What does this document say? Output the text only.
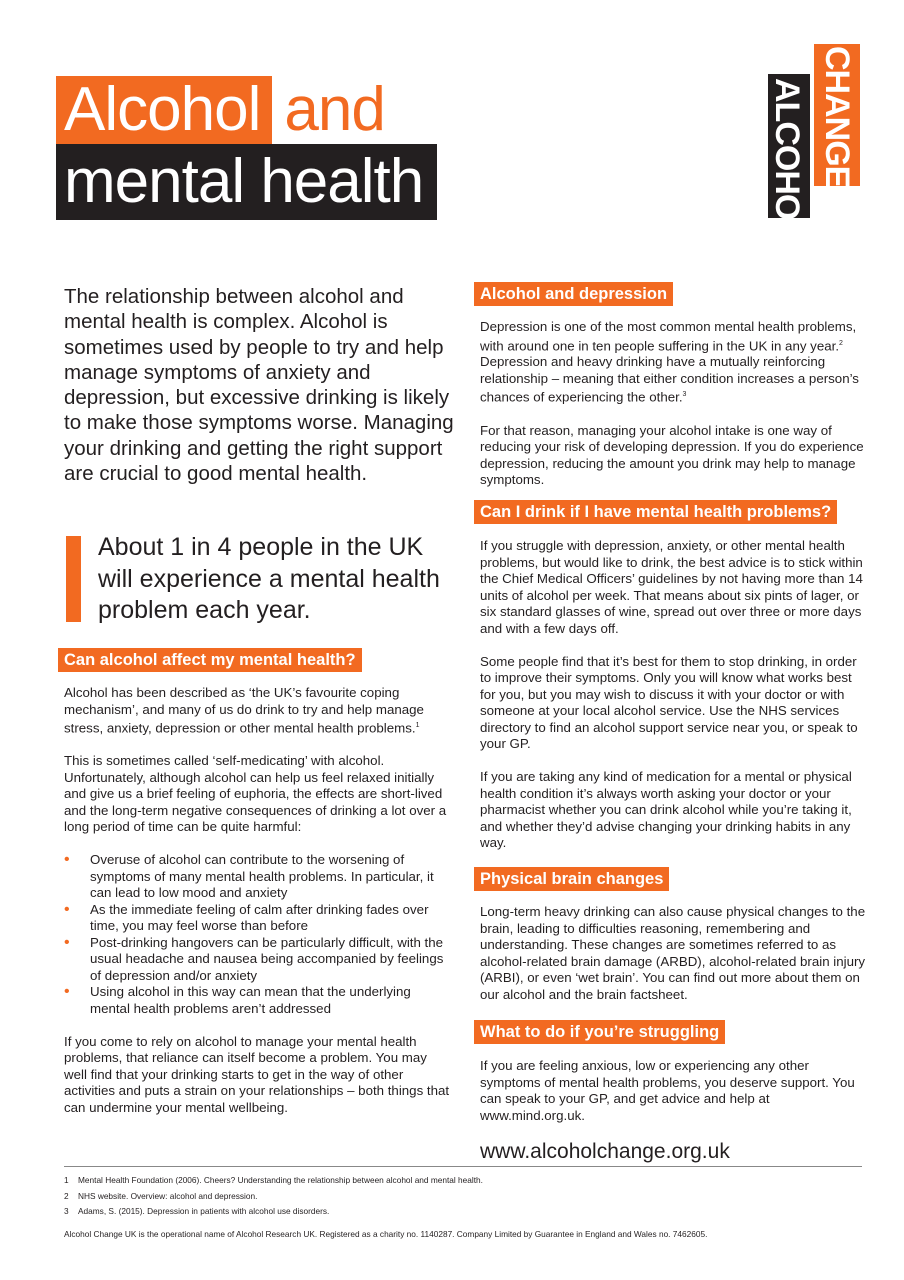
Alcohol and
mental health	ALCOHOL $CHANGE^{UK}$

The relationship between alcohol and mental health is complex. Alcohol is sometimes used by people to try and help manage symptoms of anxiety and depression, but excessive drinking is likely to make those symptoms worse. Managing your drinking and getting the right support are crucial to good mental health.

About 1 in 4 people in the UK will experience a mental health problem each year.

Can alcohol affect my mental health?

Alcohol has been described as ‘the UK’s favourite coping mechanism’, and many of us do drink to try and help manage stress, anxiety, depression or other mental health problems.$^1$

This is sometimes called ‘self-medicating’ with alcohol. Unfortunately, although alcohol can help us feel relaxed initially and give us a brief feeling of euphoria, the effects are short-lived and the long-term negative consequences of drinking a lot over a long period of time can be quite harmful:

• Overuse of alcohol can contribute to the worsening of symptoms of many mental health problems. In particular, it can lead to low mood and anxiety
• As the immediate feeling of calm after drinking fades over time, you may feel worse than before
• Post-drinking hangovers can be particularly difficult, with the usual headache and nausea being accompanied by feelings of depression and/or anxiety
• Using alcohol in this way can mean that the underlying mental health problems aren’t addressed

If you come to rely on alcohol to manage your mental health problems, that reliance can itself become a problem. You may well find that your drinking starts to get in the way of other activities and puts a strain on your relationships – both things that can undermine your mental wellbeing.

Alcohol and depression

Depression is one of the most common mental health problems, with around one in ten people suffering in the UK in any year.$^2$ Depression and heavy drinking have a mutually reinforcing relationship – meaning that either condition increases a person’s chances of experiencing the other.$^3$

For that reason, managing your alcohol intake is one way of reducing your risk of developing depression. If you do experience depression, reducing the amount you drink may help to manage symptoms.

Can I drink if I have mental health problems?

If you struggle with depression, anxiety, or other mental health problems, but would like to drink, the best advice is to stick within the Chief Medical Officers’ guidelines by not having more than 14 units of alcohol per week. That means about six pints of lager, or six standard glasses of wine, spread out over three or more days and with a few days off.

Some people find that it’s best for them to stop drinking, in order to improve their symptoms. Only you will know what works best for you, but you may wish to discuss it with your doctor or with someone at your local alcohol service. Use the NHS services directory to find an alcohol support service near you, or speak to your GP.

If you are taking any kind of medication for a mental or physical health condition it’s always worth asking your doctor or your pharmacist whether you can drink alcohol while you’re taking it, and whether they’d advise changing your drinking habits in any way.

Physical brain changes

Long-term heavy drinking can also cause physical changes to the brain, leading to difficulties reasoning, remembering and understanding. These changes are sometimes referred to as alcohol-related brain damage (ARBD), alcohol-related brain injury (ARBI), or even ‘wet brain’. You can find out more about them on our alcohol and the brain factsheet.

What to do if you’re struggling

If you are feeling anxious, low or experiencing any other symptoms of mental health problems, you deserve support. You can speak to your GP, and get advice and help at www.mind.org.uk.

www.alcoholchange.org.uk
1 Mental Health Foundation (2006). Cheers? Understanding the relationship between alcohol and mental health.
2 NHS website. Overview: alcohol and depression.
3 Adams, S. (2015). Depression in patients with alcohol use disorders.
Alcohol Change UK is the operational name of Alcohol Research UK. Registered as a charity no. 1140287. Company Limited by Guarantee in England and Wales no. 7462605.
